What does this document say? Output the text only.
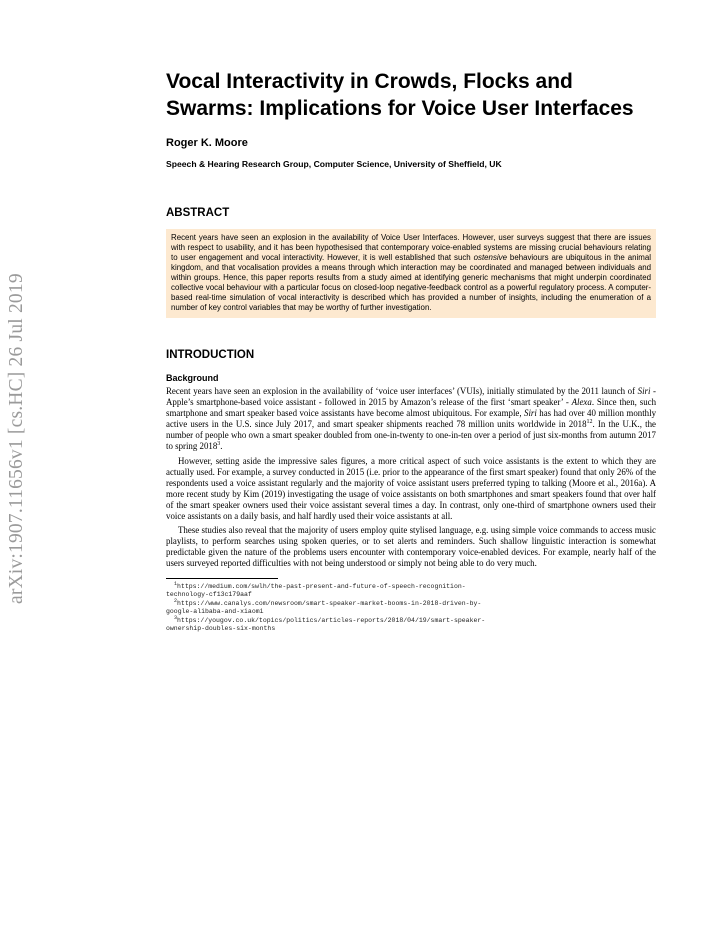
arXiv:1907.11656v1 [cs.HC] 26 Jul 2019
Vocal Interactivity in Crowds, Flocks and Swarms: Implications for Voice User Interfaces
Roger K. Moore
Speech & Hearing Research Group, Computer Science, University of Sheffield, UK
ABSTRACT
Recent years have seen an explosion in the availability of Voice User Interfaces. However, user surveys suggest that there are issues with respect to usability, and it has been hypothesised that contemporary voice-enabled systems are missing crucial behaviours relating to user engagement and vocal interactivity. However, it is well established that such ostensive behaviours are ubiquitous in the animal kingdom, and that vocalisation provides a means through which interaction may be coordinated and managed between individuals and within groups. Hence, this paper reports results from a study aimed at identifying generic mechanisms that might underpin coordinated collective vocal behaviour with a particular focus on closed-loop negative-feedback control as a powerful regulatory process. A computer-based real-time simulation of vocal interactivity is described which has provided a number of insights, including the enumeration of a number of key control variables that may be worthy of further investigation.
INTRODUCTION
Background

Recent years have seen an explosion in the availability of ‘voice user interfaces’ (VUIs), initially stimulated by the 2011 launch of Siri - Apple’s smartphone-based voice assistant - followed in 2015 by Amazon’s release of the first ‘smart speaker’ - Alexa. Since then, such smartphone and smart speaker based voice assistants have become almost ubiquitous. For example, Siri has had over 40 million monthly active users in the U.S. since July 2017, and smart speaker shipments reached 78 million units worldwide in 2018$^{12}$. In the U.K., the number of people who own a smart speaker doubled from one-in-twenty to one-in-ten over a period of just six-months from autumn 2017 to spring 2018$^3$.

However, setting aside the impressive sales figures, a more critical aspect of such voice assistants is the extent to which they are actually used. For example, a survey conducted in 2015 (i.e. prior to the appearance of the first smart speaker) found that only 26% of the respondents used a voice assistant regularly and the majority of voice assistant users preferred typing to talking (Moore et al., 2016a). A more recent study by Kim (2019) investigating the usage of voice assistants on both smartphones and smart speakers found that over half of the smart speaker owners used their voice assistant several times a day. In contrast, only one-third of smartphone owners used their voice assistants on a daily basis, and half hardly used their voice assistants at all.

These studies also reveal that the majority of users employ quite stylised language, e.g. using simple voice commands to access music playlists, to perform searches using spoken queries, or to set alerts and reminders. Such shallow linguistic interaction is somewhat predictable given the nature of the problems users encounter with contemporary voice-enabled devices. For example, nearly half of the users surveyed reported difficulties with not being understood or simply not being able to do very much.

$^1$https://medium.com/swlh/the-past-present-and-future-of-speech-recognition-

technology-cf13c179aaf

$^2$https://www.canalys.com/newsroom/smart-speaker-market-booms-in-2018-driven-by-

google-alibaba-and-xiaomi

$^3$https://yougov.co.uk/topics/politics/articles-reports/2018/04/19/smart-speaker-

ownership-doubles-six-months
